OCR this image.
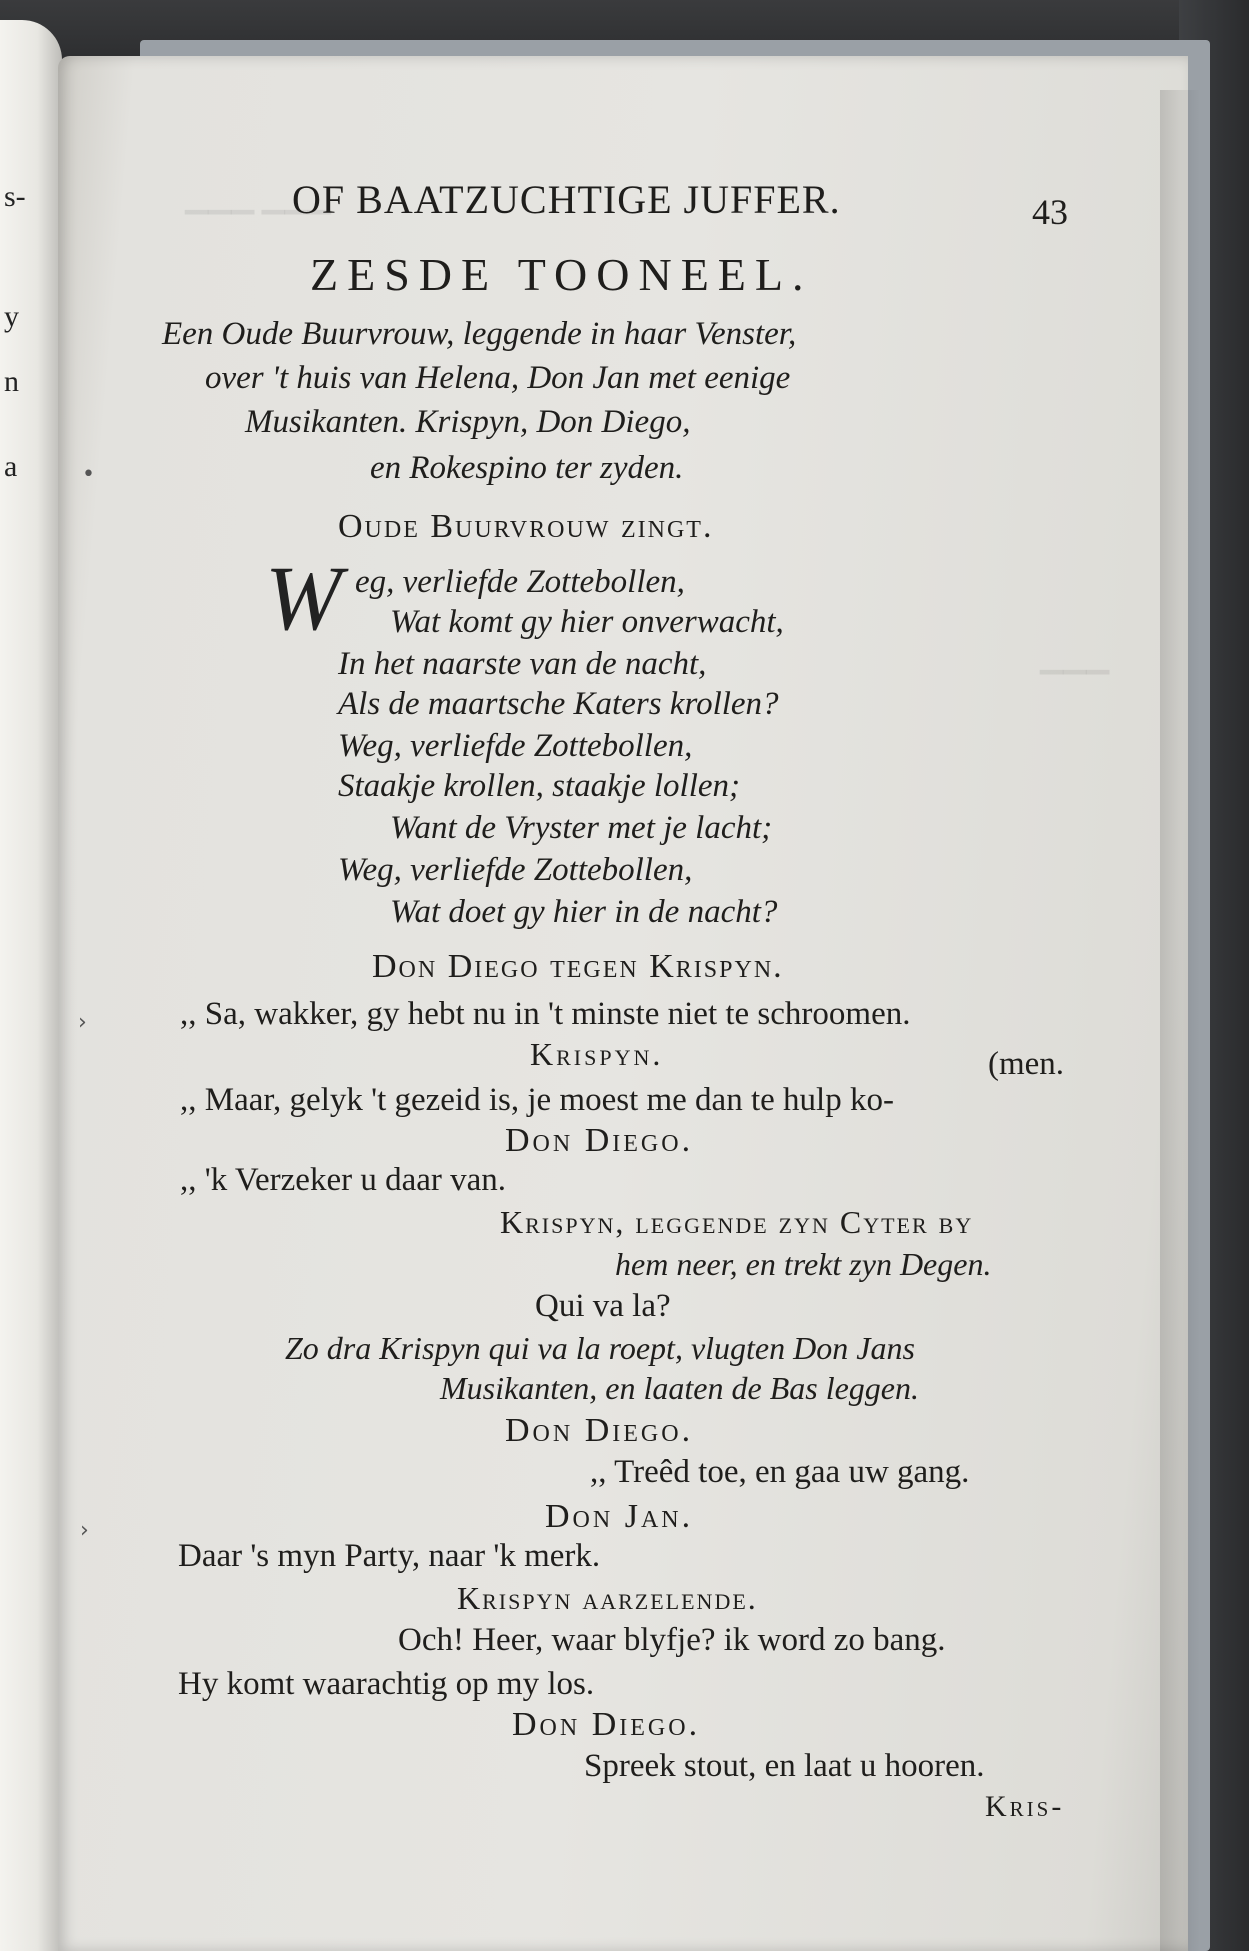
s-
y
n
a
▁▁▁ ▁▁▁
▁▁▁
•
›
›
OF BAATZUCHTIGE JUFFER.	43
ZESDE TOONEEL.
Een Oude Buurvrouw, leggende in haar Venster,
over 't huis van Helena, Don Jan met eenige
Musikanten. Krispyn, Don Diego,
en Rokespino ter zyden.
Oude Buurvrouw zingt.
W eg, verliefde Zottebollen,
Wat komt gy hier onverwacht,
In het naarste van de nacht,
Als de maartsche Katers krollen?
Weg, verliefde Zottebollen,
Staakje krollen, staakje lollen;
Want de Vryster met je lacht;
Weg, verliefde Zottebollen,
Wat doet gy hier in de nacht?
Don Diego tegen Krispyn.
,, Sa, wakker, gy hebt nu in 't minste niet te schroomen.
Krispyn.	(men.
,, Maar, gelyk 't gezeid is, je moest me dan te hulp ko-
Don Diego.
,, 'k Verzeker u daar van.
Krispyn, leggende zyn Cyter by
hem neer, en trekt zyn Degen.
Qui va la?
Zo dra Krispyn qui va la roept, vlugten Don Jans
Musikanten, en laaten de Bas leggen.
Don Diego.
,, Treêd toe, en gaa uw gang.
Don Jan.
Daar 's myn Party, naar 'k merk.
Krispyn aarzelende.
Och! Heer, waar blyfje? ik word zo bang.
Hy komt waarachtig op my los.
Don Diego.
Spreek stout, en laat u hooren.
Kris-
